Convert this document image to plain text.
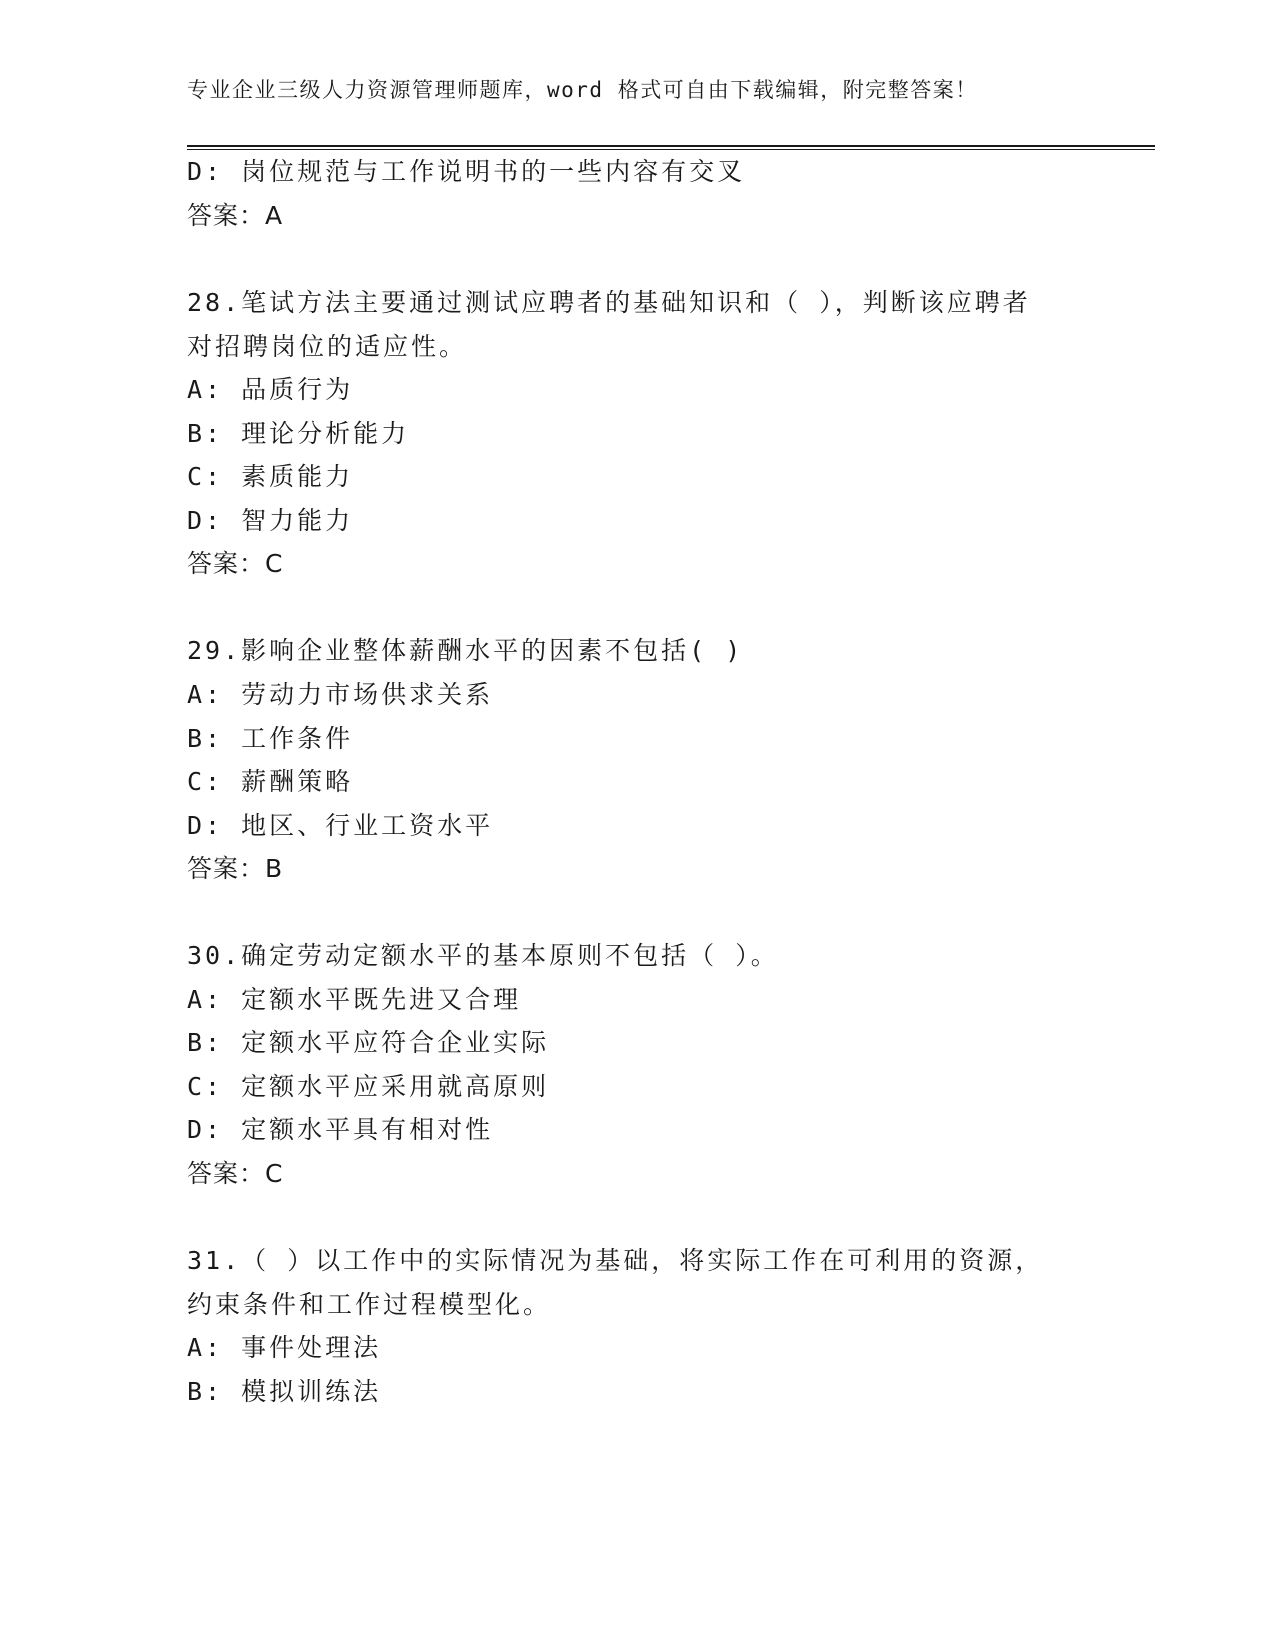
专业企业三级人力资源管理师题库，word 格式可自由下载编辑，附完整答案！
D: 岗位规范与工作说明书的一些内容有交叉
答案：A
28.笔试方法主要通过测试应聘者的基础知识和（ ），判断该应聘者
对招聘岗位的适应性。
A: 品质行为
B: 理论分析能力
C: 素质能力
D: 智力能力
答案：C
29.影响企业整体薪酬水平的因素不包括( )
A: 劳动力市场供求关系
B: 工作条件
C: 薪酬策略
D: 地区、行业工资水平
答案：B
30.确定劳动定额水平的基本原则不包括（ ）。
A: 定额水平既先进又合理
B: 定额水平应符合企业实际
C: 定额水平应采用就高原则
D: 定额水平具有相对性
答案：C
31.（ ）以工作中的实际情况为基础，将实际工作在可利用的资源，
约束条件和工作过程模型化。
A: 事件处理法
B: 模拟训练法
